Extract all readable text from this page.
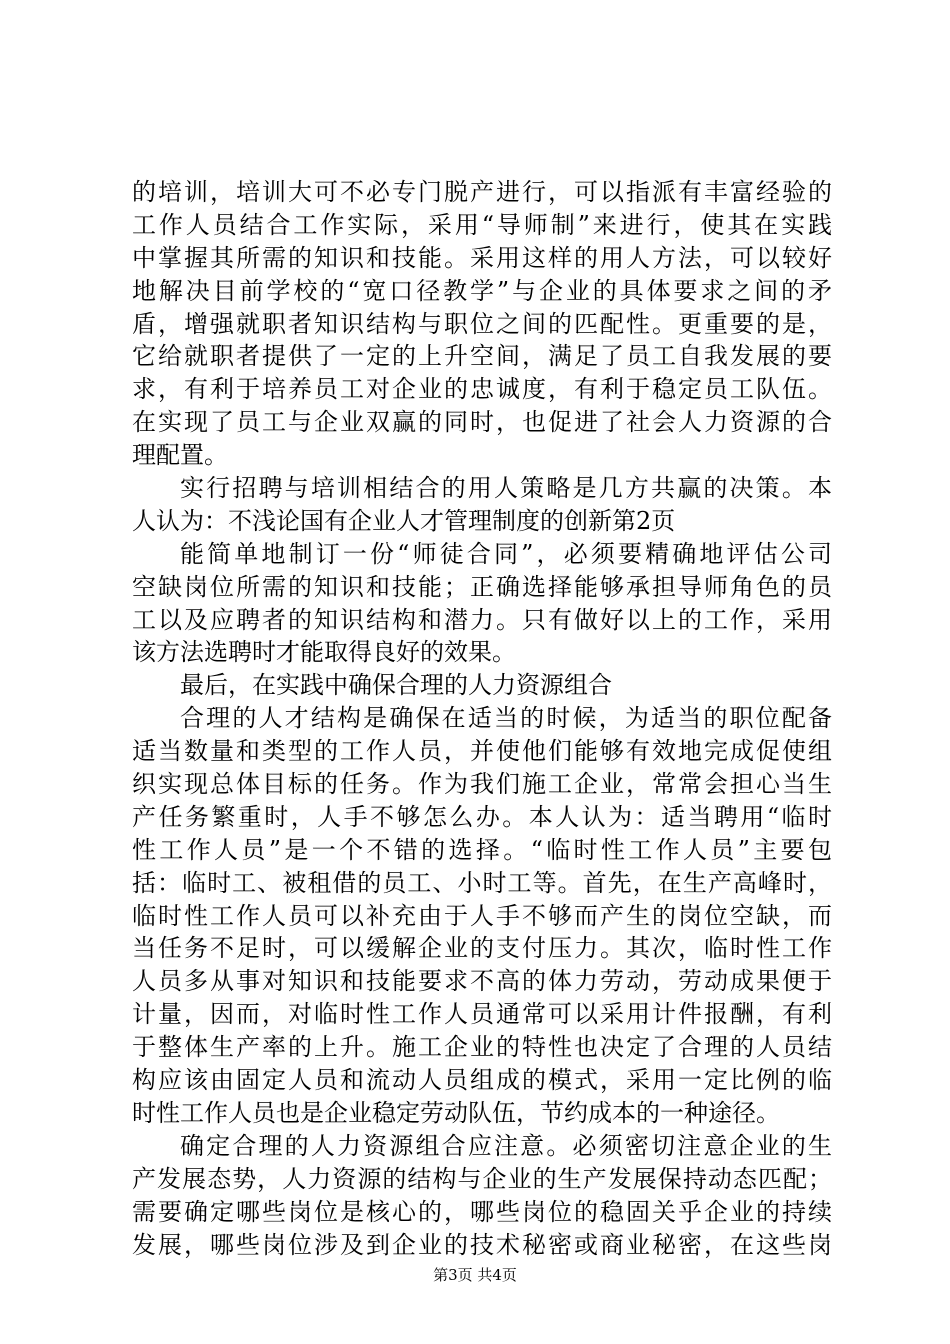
的培训，培训大可不必专门脱产进行，可以指派有丰富经验的
工作人员结合工作实际，采用“导师制”来进行，使其在实践
中掌握其所需的知识和技能。采用这样的用人方法，可以较好
地解决目前学校的“宽口径教学”与企业的具体要求之间的矛
盾，增强就职者知识结构与职位之间的匹配性。更重要的是，
它给就职者提供了一定的上升空间，满足了员工自我发展的要
求，有利于培养员工对企业的忠诚度，有利于稳定员工队伍。
在实现了员工与企业双赢的同时，也促进了社会人力资源的合
理配置。
实行招聘与培训相结合的用人策略是几方共赢的决策。本
人认为：不浅论国有企业人才管理制度的创新第2页
能简单地制订一份“师徒合同”，必须要精确地评估公司
空缺岗位所需的知识和技能；正确选择能够承担导师角色的员
工以及应聘者的知识结构和潜力。只有做好以上的工作，采用
该方法选聘时才能取得良好的效果。
最后，在实践中确保合理的人力资源组合
合理的人才结构是确保在适当的时候，为适当的职位配备
适当数量和类型的工作人员，并使他们能够有效地完成促使组
织实现总体目标的任务。作为我们施工企业，常常会担心当生
产任务繁重时，人手不够怎么办。本人认为：适当聘用“临时
性工作人员”是一个不错的选择。“临时性工作人员”主要包
括：临时工、被租借的员工、小时工等。首先，在生产高峰时，
临时性工作人员可以补充由于人手不够而产生的岗位空缺，而
当任务不足时，可以缓解企业的支付压力。其次，临时性工作
人员多从事对知识和技能要求不高的体力劳动，劳动成果便于
计量，因而，对临时性工作人员通常可以采用计件报酬，有利
于整体生产率的上升。施工企业的特性也决定了合理的人员结
构应该由固定人员和流动人员组成的模式，采用一定比例的临
时性工作人员也是企业稳定劳动队伍，节约成本的一种途径。
确定合理的人力资源组合应注意。必须密切注意企业的生
产发展态势，人力资源的结构与企业的生产发展保持动态匹配；
需要确定哪些岗位是核心的，哪些岗位的稳固关乎企业的持续
发展，哪些岗位涉及到企业的技术秘密或商业秘密，在这些岗
第3页 共4页
